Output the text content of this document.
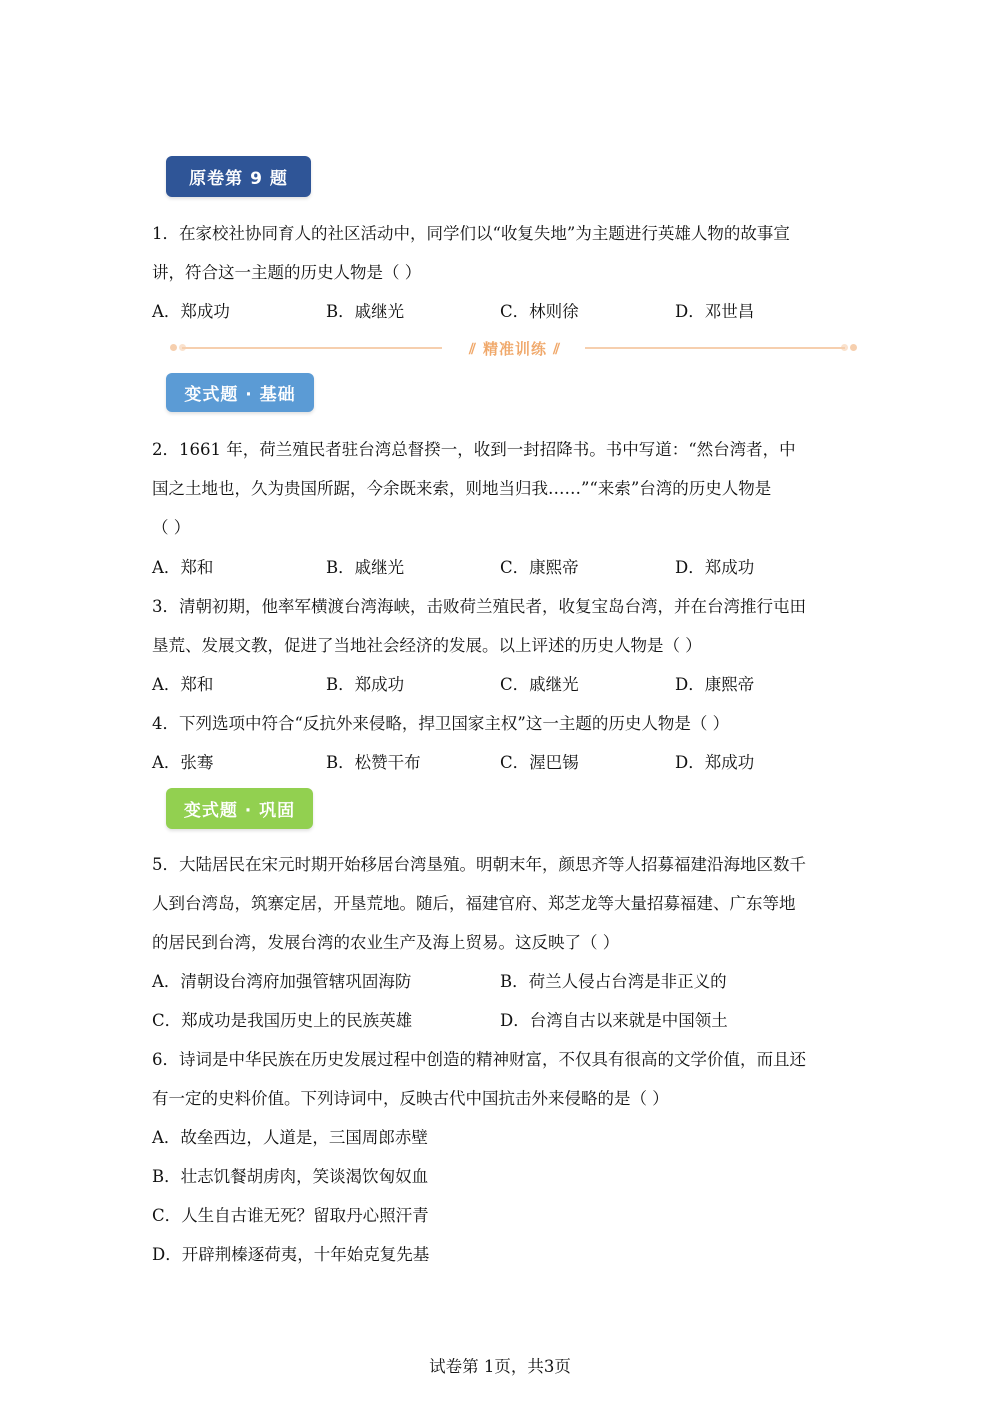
原卷第 9 题
1．在家校社协同育人的社区活动中，同学们以“收复失地”为主题进行英雄人物的故事宣
讲，符合这一主题的历史人物是（ ）
A．郑成功	B．戚继光	C．林则徐	D．邓世昌
⫽ 精准训练 ⫽
变式题 · 基础
2．1661 年，荷兰殖民者驻台湾总督揆一，收到一封招降书。书中写道：“然台湾者，中
国之土地也，久为贵国所踞，今余既来索，则地当归我……”“来索”台湾的历史人物是
（ ）
A．郑和	B．戚继光	C．康熙帝	D．郑成功
3．清朝初期，他率军横渡台湾海峡，击败荷兰殖民者，收复宝岛台湾，并在台湾推行屯田
垦荒、发展文教，促进了当地社会经济的发展。以上评述的历史人物是（ ）
A．郑和	B．郑成功	C．戚继光	D．康熙帝
4．下列选项中符合“反抗外来侵略，捍卫国家主权”这一主题的历史人物是（ ）
A．张骞	B．松赞干布	C．渥巴锡	D．郑成功
变式题 · 巩固
5．大陆居民在宋元时期开始移居台湾垦殖。明朝末年，颜思齐等人招募福建沿海地区数千
人到台湾岛，筑寨定居，开垦荒地。随后，福建官府、郑芝龙等大量招募福建、广东等地
的居民到台湾，发展台湾的农业生产及海上贸易。这反映了（ ）
A．清朝设台湾府加强管辖巩固海防	B．荷兰人侵占台湾是非正义的
C．郑成功是我国历史上的民族英雄	D．台湾自古以来就是中国领土
6．诗词是中华民族在历史发展过程中创造的精神财富，不仅具有很高的文学价值，而且还
有一定的史料价值。下列诗词中，反映古代中国抗击外来侵略的是（ ）
A．故垒西边，人道是，三国周郎赤壁
B．壮志饥餐胡虏肉，笑谈渴饮匈奴血
C．人生自古谁无死？留取丹心照汗青
D．开辟荆榛逐荷夷，十年始克复先基
试卷第 1页，共3页
